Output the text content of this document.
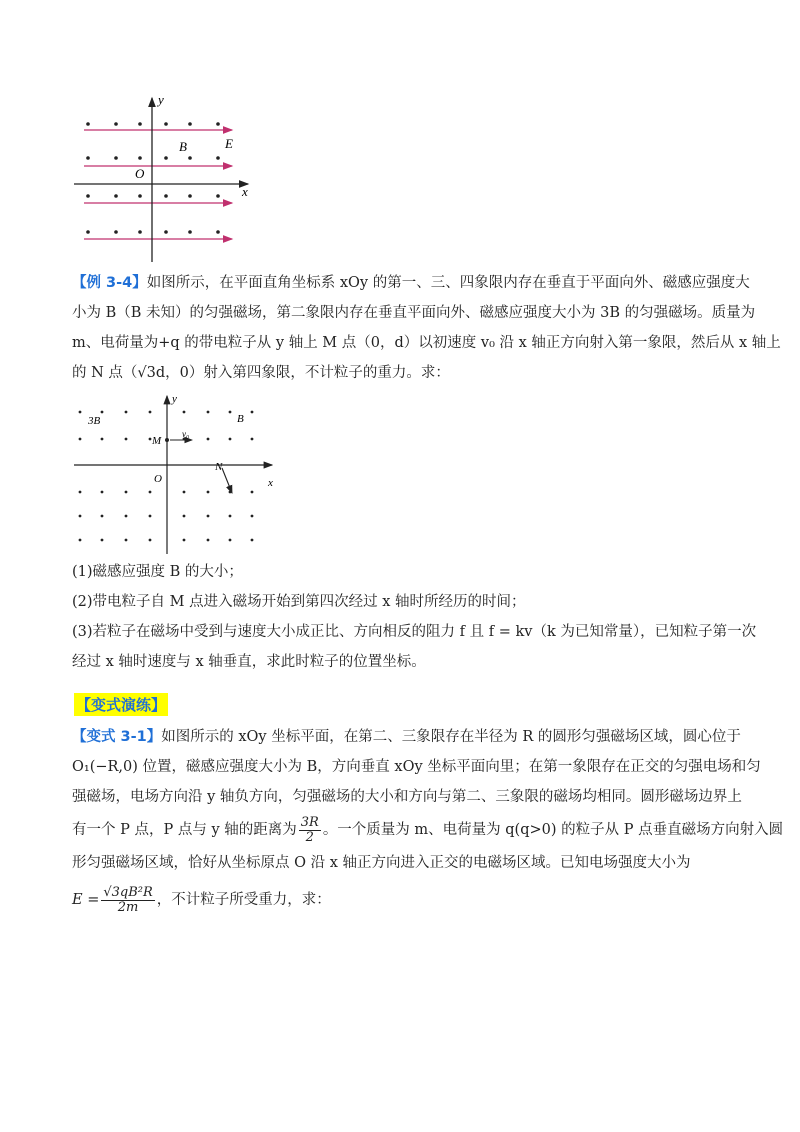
y
x
O
B	E
【例 3-4】如图所示，在平面直角坐标系 xOy 的第一、三、四象限内存在垂直于平面向外、磁感应强度大
小为 B（B 未知）的匀强磁场，第二象限内存在垂直平面向外、磁感应强度大小为 3B 的匀强磁场。质量为
m、电荷量为+q 的带电粒子从 y 轴上 M 点（0，d）以初速度 v₀ 沿 x 轴正方向射入第一象限，然后从 x 轴上
的 N 点（√3d，0）射入第四象限，不计粒子的重力。求：
y
x
O
3B	B
M
N
v₀
(1)磁感应强度 B 的大小；
(2)带电粒子自 M 点进入磁场开始到第四次经过 x 轴时所经历的时间；
(3)若粒子在磁场中受到与速度大小成正比、方向相反的阻力 f 且 f = kv（k 为已知常量），已知粒子第一次
经过 x 轴时速度与 x 轴垂直，求此时粒子的位置坐标。
【变式演练】
【变式 3-1】如图所示的 xOy 坐标平面，在第二、三象限存在半径为 R 的圆形匀强磁场区域，圆心位于
O₁(−R,0) 位置，磁感应强度大小为 B，方向垂直 xOy 坐标平面向里；在第一象限存在正交的匀强电场和匀
强磁场，电场方向沿 y 轴负方向，匀强磁场的大小和方向与第二、三象限的磁场均相同。圆形磁场边界上
有一个 P 点，P 点与 y 轴的距离为 $\frac{3R}{2}$ 。一个质量为 m、电荷量为 q(q>0) 的粒子从 P 点垂直磁场方向射入圆
形匀强磁场区域，恰好从坐标原点 O 沿 x 轴正方向进入正交的电磁场区域。已知电场强度大小为
$E = \frac{\text{√3qB²R}}{2m}$ ，不计粒子所受重力，求：
